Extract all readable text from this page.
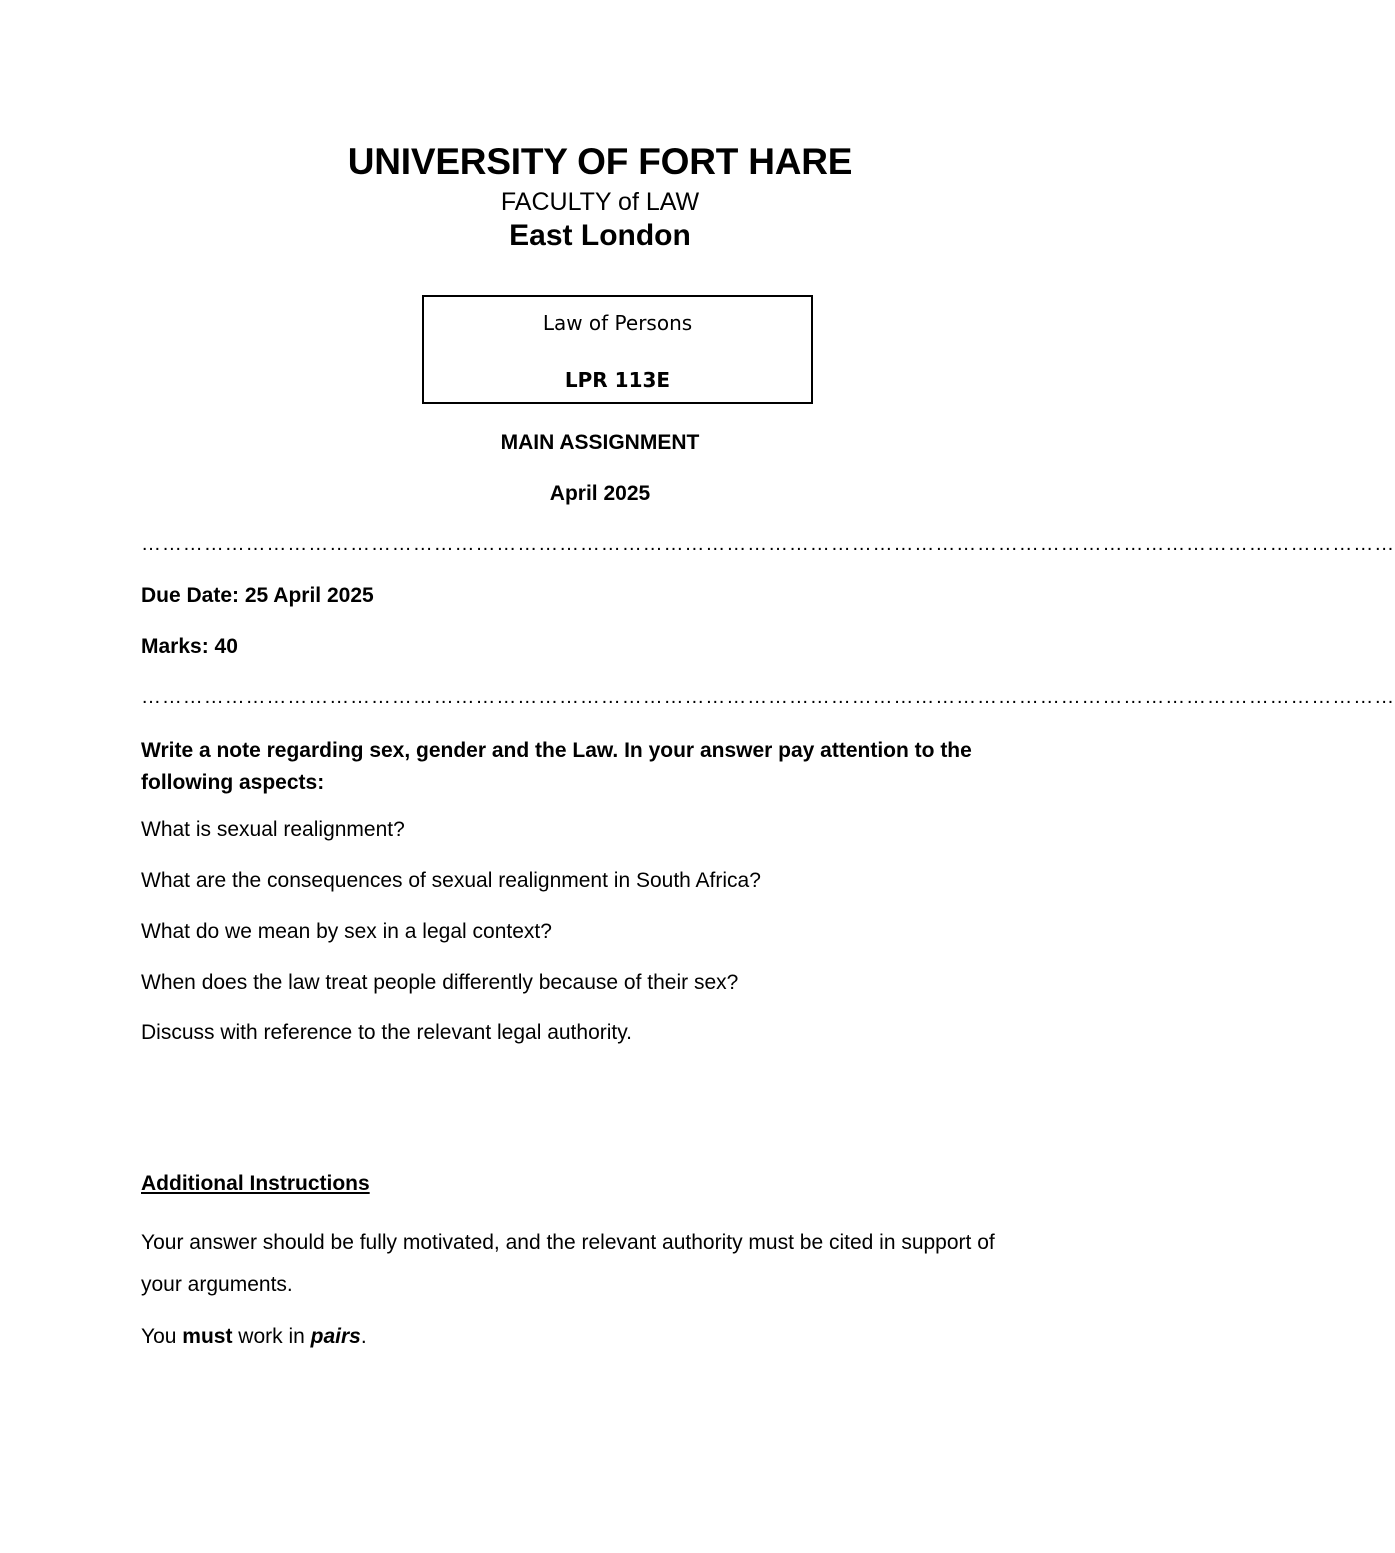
UNIVERSITY OF FORT HARE
FACULTY of LAW
East London
Law of Persons
LPR 113E
MAIN ASSIGNMENT
April 2025
………………………………………………………………………………………………………………………………………………………………
Due Date: 25 April 2025
Marks: 40
………………………………………………………………………………………………………………………………………………………………
Write a note regarding sex, gender and the Law. In your answer pay attention to the following aspects:
What is sexual realignment?
What are the consequences of sexual realignment in South Africa?
What do we mean by sex in a legal context?
When does the law treat people differently because of their sex?
Discuss with reference to the relevant legal authority.
Additional Instructions
Your answer should be fully motivated, and the relevant authority must be cited in support of your arguments.
You must work in pairs.
